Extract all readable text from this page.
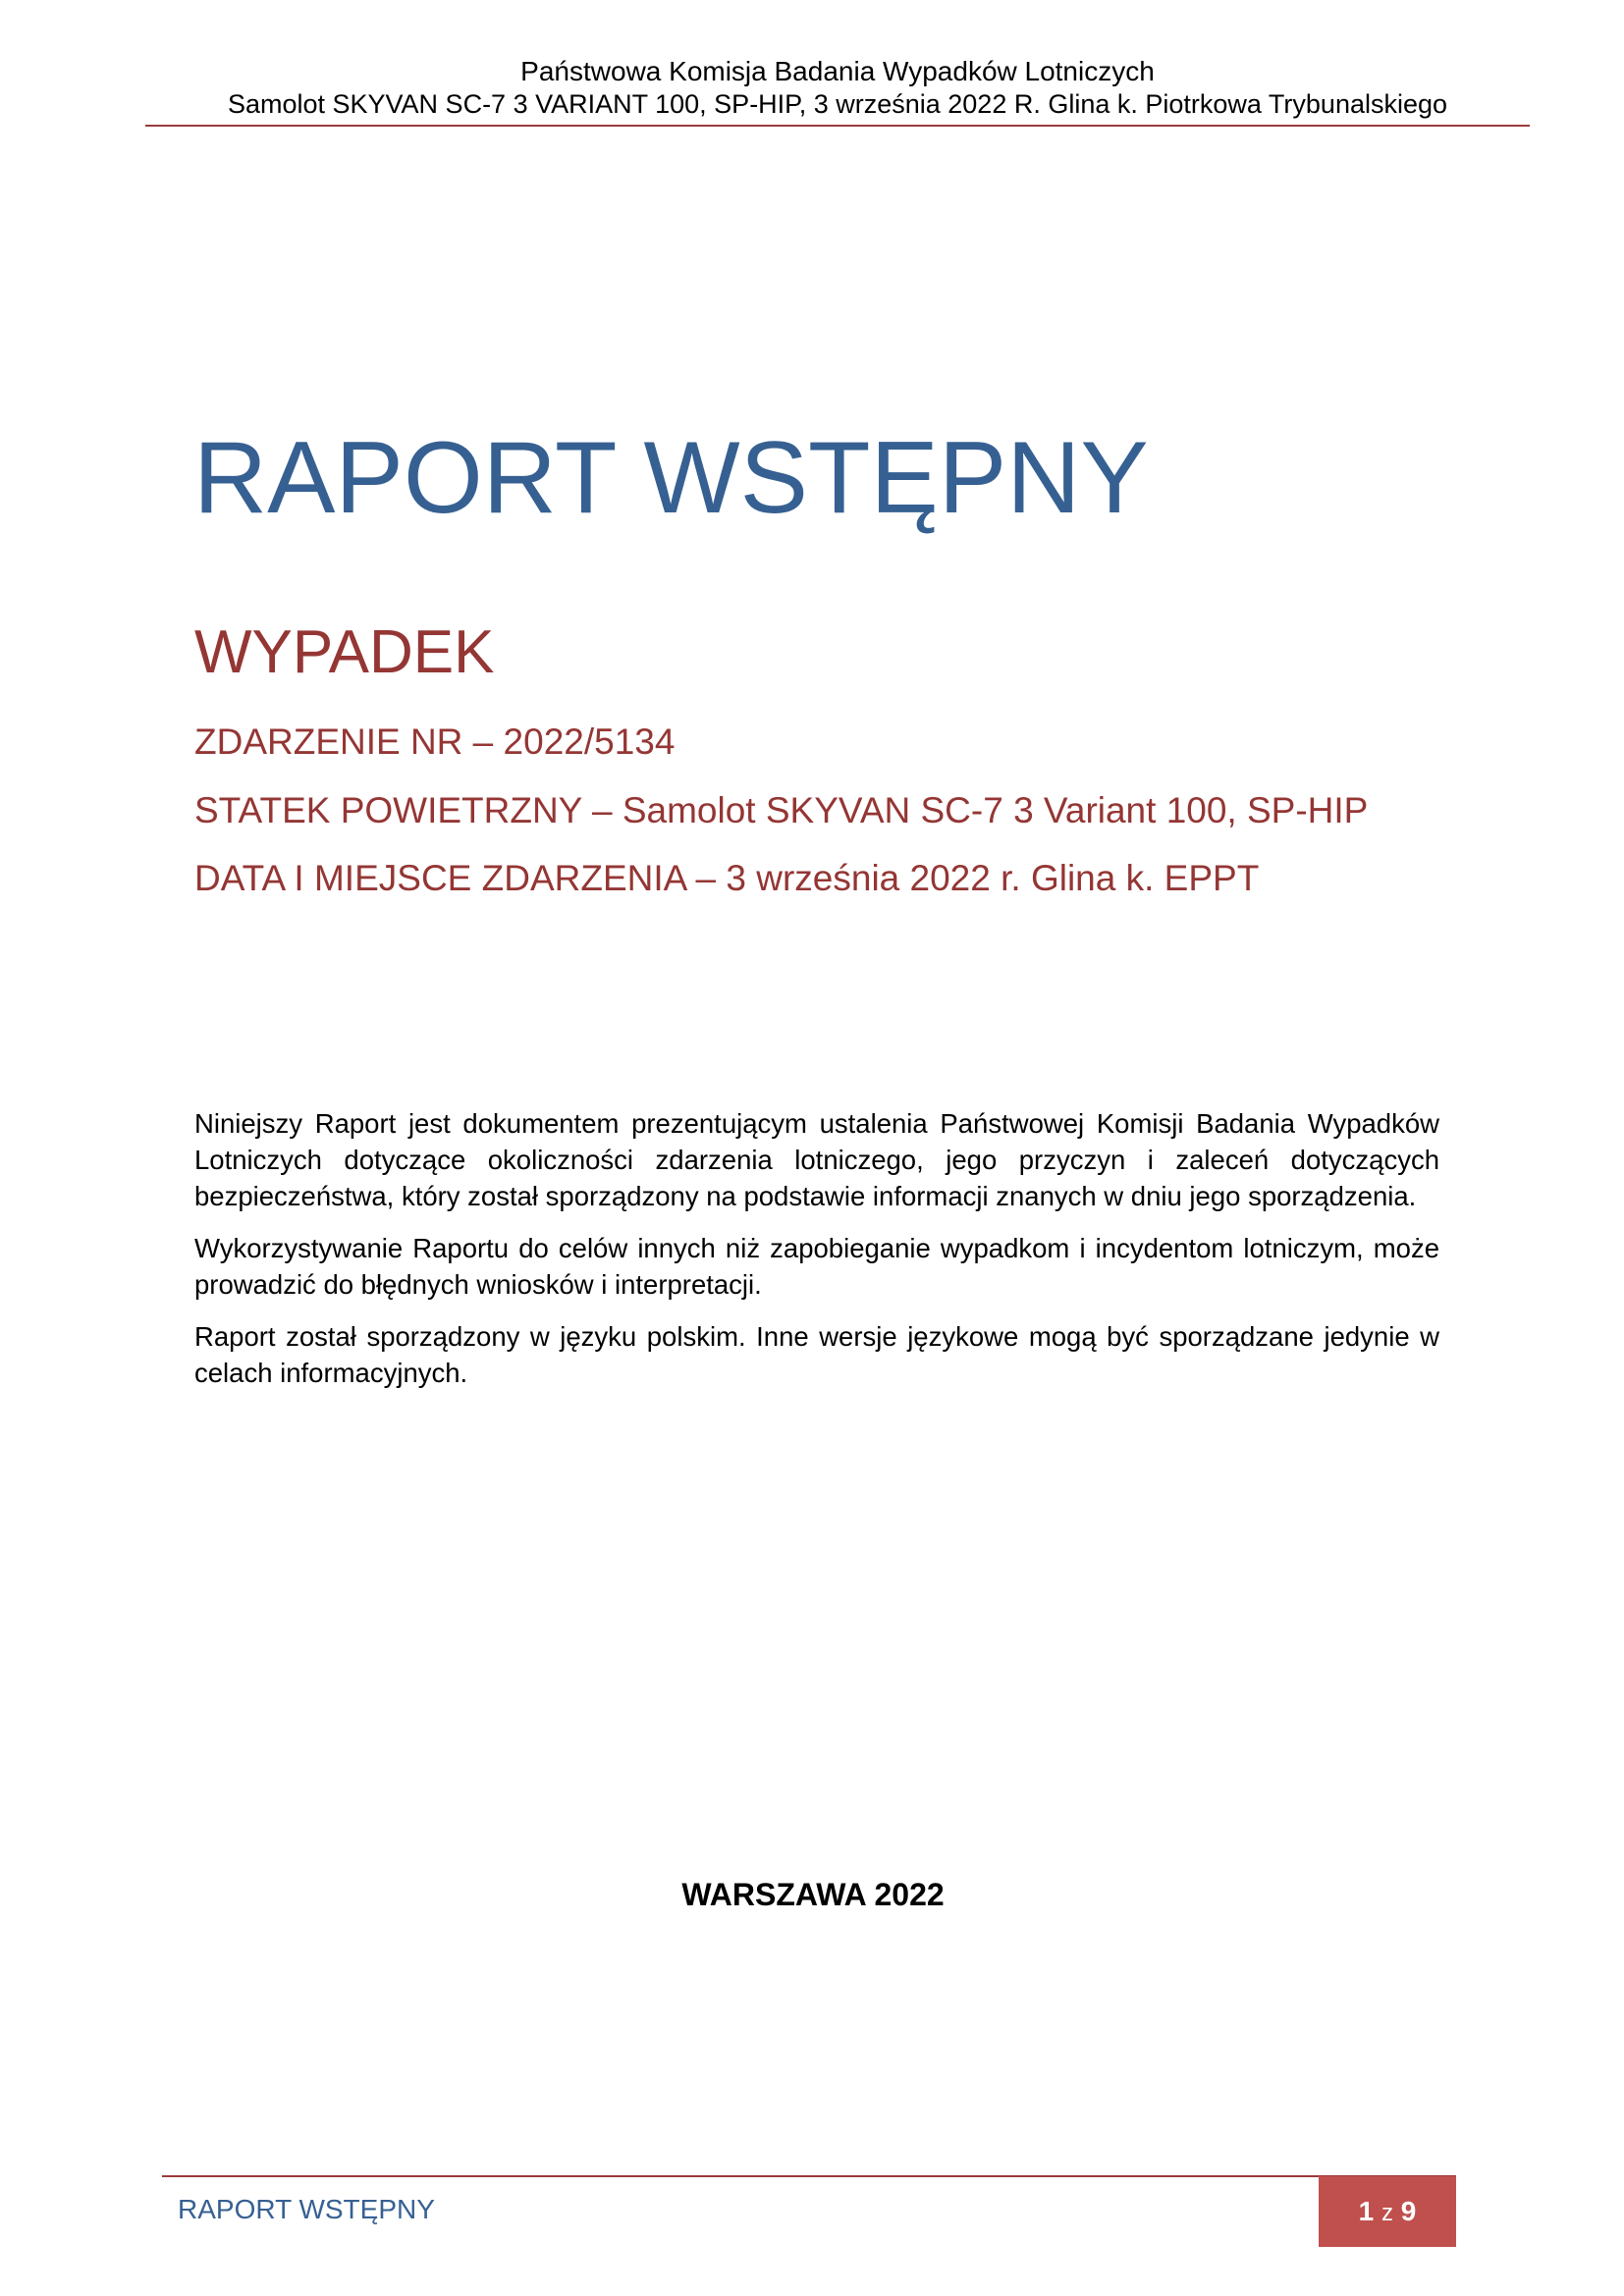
Państwowa Komisja Badania Wypadków Lotniczych
Samolot SKYVAN SC-7 3 VARIANT 100, SP-HIP, 3 września 2022 R. Glina k. Piotrkowa Trybunalskiego
RAPORT WSTĘPNY
WYPADEK
ZDARZENIE NR – 2022/5134
STATEK POWIETRZNY – Samolot SKYVAN SC-7 3 Variant 100, SP-HIP
DATA I MIEJSCE ZDARZENIA – 3 września 2022 r. Glina k. EPPT

Niniejszy Raport jest dokumentem prezentującym ustalenia Państwowej Komisji Badania Wypadków Lotniczych dotyczące okoliczności zdarzenia lotniczego, jego przyczyn i zaleceń dotyczących bezpieczeństwa, który został sporządzony na podstawie informacji znanych w dniu jego sporządzenia.

Wykorzystywanie Raportu do celów innych niż zapobieganie wypadkom i incydentom lotniczym, może prowadzić do błędnych wniosków i interpretacji.

Raport został sporządzony w języku polskim. Inne wersje językowe mogą być sporządzane jedynie w celach informacyjnych.

WARSZAWA 2022
RAPORT WSTĘPNY	1 z 9
